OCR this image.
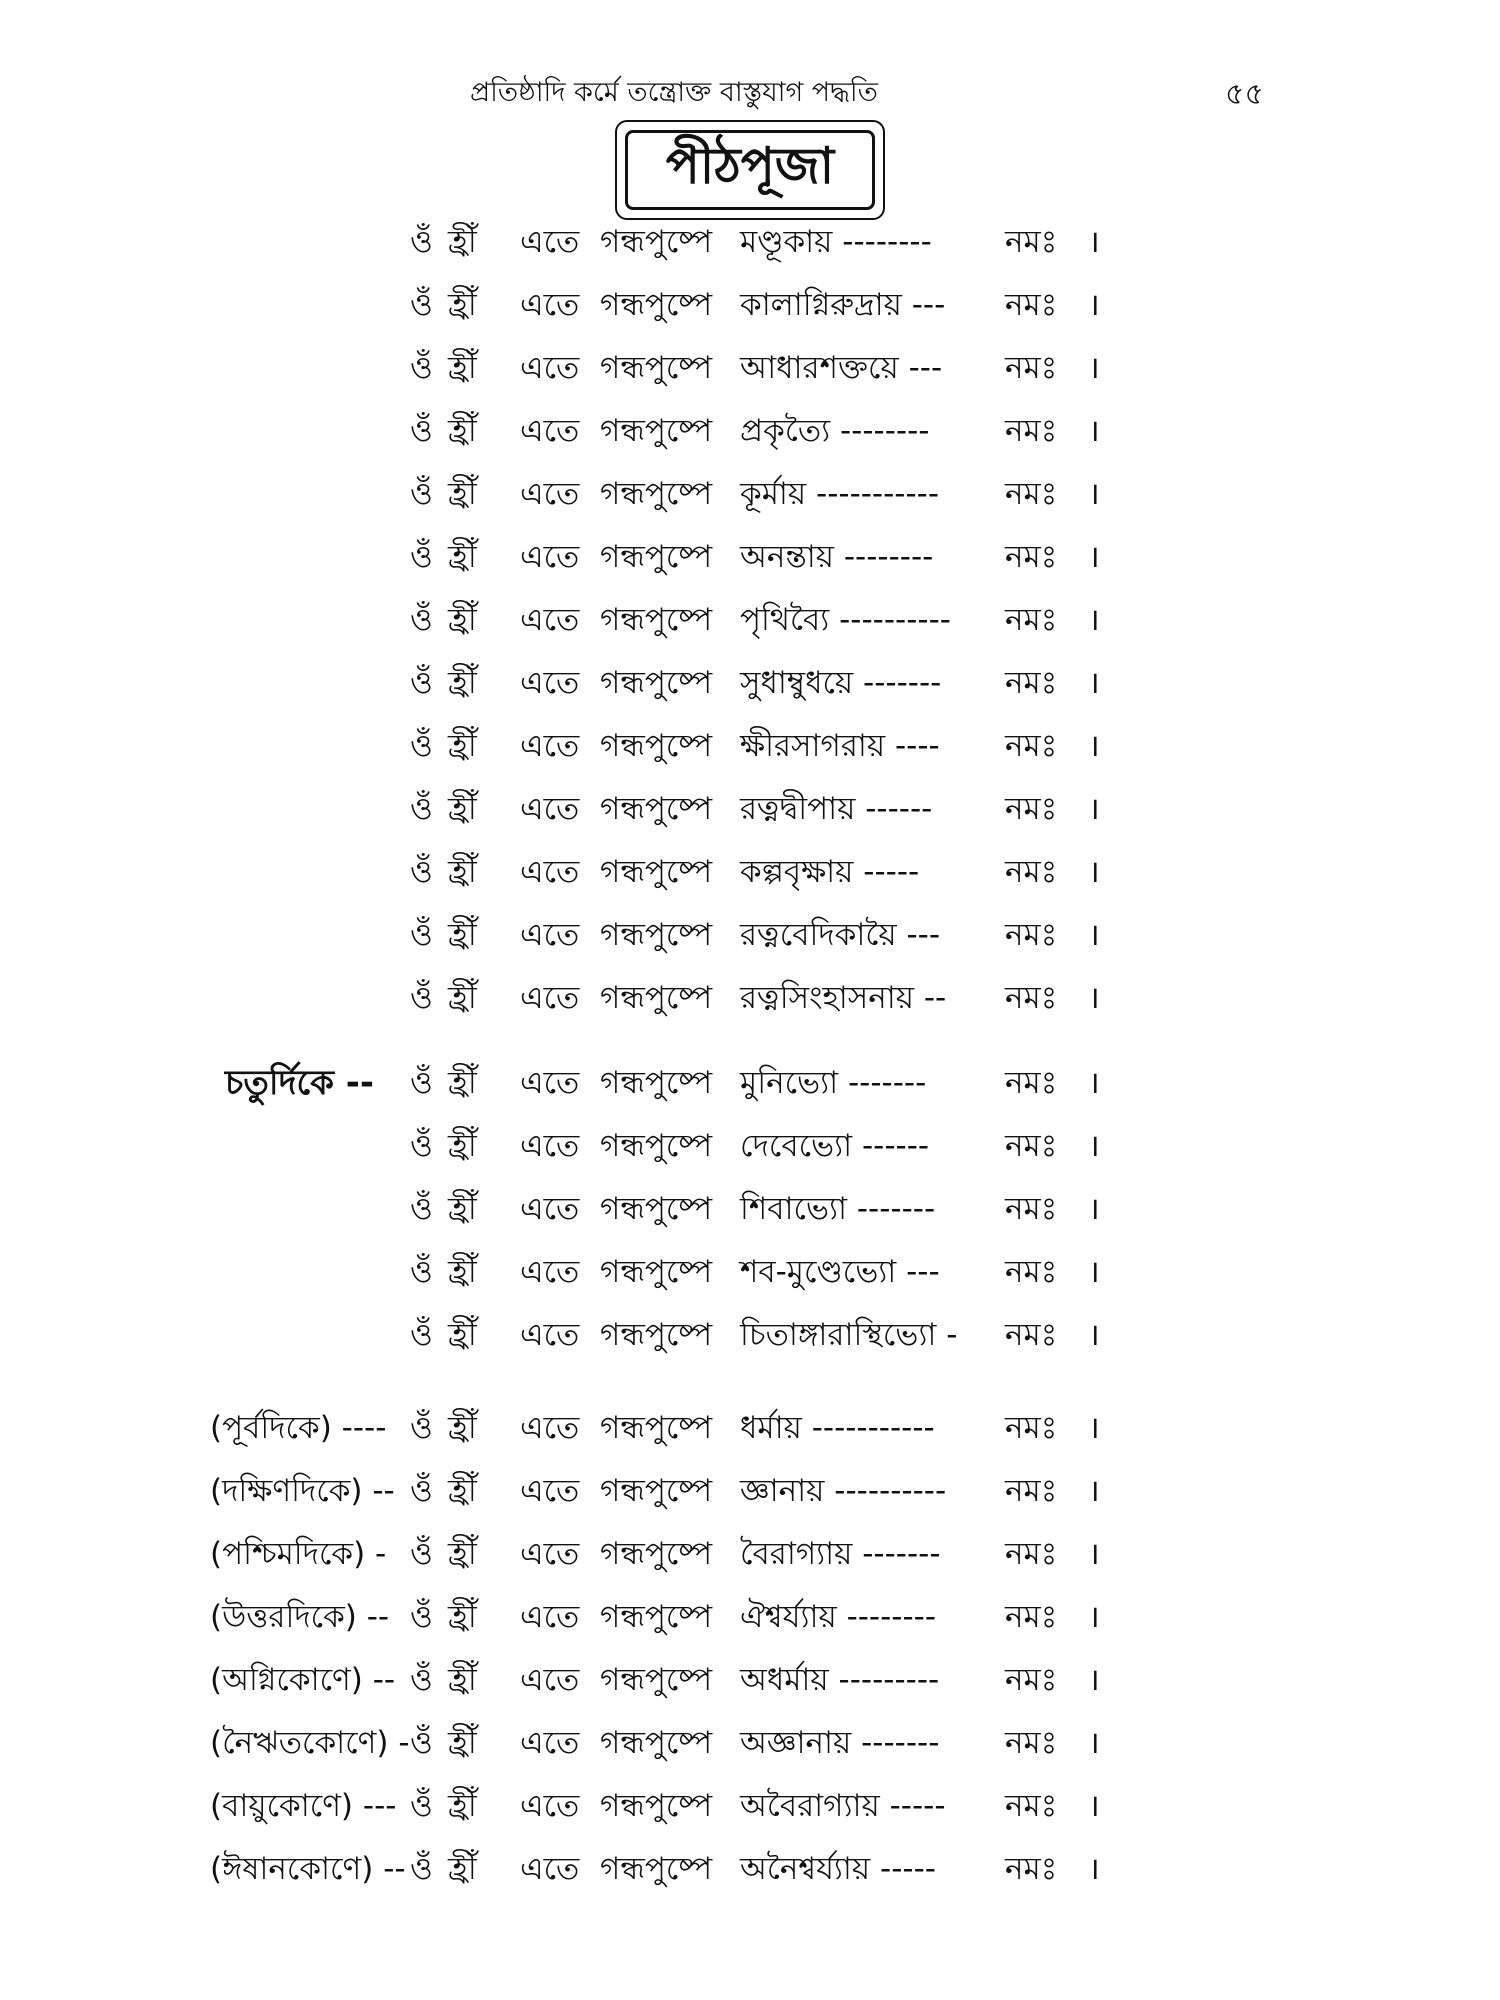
প্রতিষ্ঠাদি কর্মে তন্ত্রোক্ত বাস্তুযাগ পদ্ধতি	৫৫
পীঠপূজা
ওঁ হ্রীঁ এতে গন্ধপুষ্পে মণ্ডূকায় -------- নমঃ ।
ওঁ হ্রীঁ এতে গন্ধপুষ্পে কালাগ্নিরুদ্রায় --- নমঃ ।
ওঁ হ্রীঁ এতে গন্ধপুষ্পে আধারশক্তয়ে --- নমঃ ।
ওঁ হ্রীঁ এতে গন্ধপুষ্পে প্রকৃত্যৈ -------- নমঃ ।
ওঁ হ্রীঁ এতে গন্ধপুষ্পে কূর্মায় ----------- নমঃ ।
ওঁ হ্রীঁ এতে গন্ধপুষ্পে অনন্তায় -------- নমঃ ।
ওঁ হ্রীঁ এতে গন্ধপুষ্পে পৃথিব্যৈ ---------- নমঃ ।
ওঁ হ্রীঁ এতে গন্ধপুষ্পে সুধাম্বুধয়ে ------- নমঃ ।
ওঁ হ্রীঁ এতে গন্ধপুষ্পে ক্ষীরসাগরায় ---- নমঃ ।
ওঁ হ্রীঁ এতে গন্ধপুষ্পে রত্নদ্বীপায় ------ নমঃ ।
ওঁ হ্রীঁ এতে গন্ধপুষ্পে কল্পবৃক্ষায় -----	নমঃ ।
ওঁ হ্রীঁ এতে গন্ধপুষ্পে রত্নবেদিকায়ৈ --- নমঃ ।
ওঁ হ্রীঁ এতে গন্ধপুষ্পে রত্নসিংহাসনায় -- নমঃ ।
চতুর্দিকে -- ওঁ হ্রীঁ এতে গন্ধপুষ্পে মুনিভ্যো -------	নমঃ ।
ওঁ হ্রীঁ এতে গন্ধপুষ্পে দেবেভ্যো ------ নমঃ ।
ওঁ হ্রীঁ এতে গন্ধপুষ্পে শিবাভ্যো ------- নমঃ ।
ওঁ হ্রীঁ এতে গন্ধপুষ্পে শব-মুণ্ডেভ্যো --- নমঃ ।
ওঁ হ্রীঁ এতে গন্ধপুষ্পে চিতাঙ্গারাস্থিভ্যো - নমঃ ।
(পূর্বদিকে) ---- ওঁ হ্রীঁ এতে গন্ধপুষ্পে ধর্মায় ----------- নমঃ ।
(দক্ষিণদিকে) -- ওঁ হ্রীঁ এতে গন্ধপুষ্পে জ্ঞানায় ---------- নমঃ ।
(পশ্চিমদিকে) - ওঁ হ্রীঁ এতে গন্ধপুষ্পে বৈরাগ্যায় ------- নমঃ ।
(উত্তরদিকে) -- ওঁ হ্রীঁ এতে গন্ধপুষ্পে ঐশ্বর্য্যায় -------- নমঃ ।
(অগ্নিকোণে) -- ওঁ হ্রীঁ এতে গন্ধপুষ্পে অধর্মায় --------- নমঃ ।
(নৈঋতকোণে) - ওঁ হ্রীঁ এতে গন্ধপুষ্পে অজ্ঞানায় ------- নমঃ ।
(বায়ুকোণে) --- ওঁ হ্রীঁ এতে গন্ধপুষ্পে অবৈরাগ্যায় ----- নমঃ ।
(ঈষানকোণে) -- ওঁ হ্রীঁ এতে গন্ধপুষ্পে অনৈশ্বর্য্যায় ----- নমঃ ।
